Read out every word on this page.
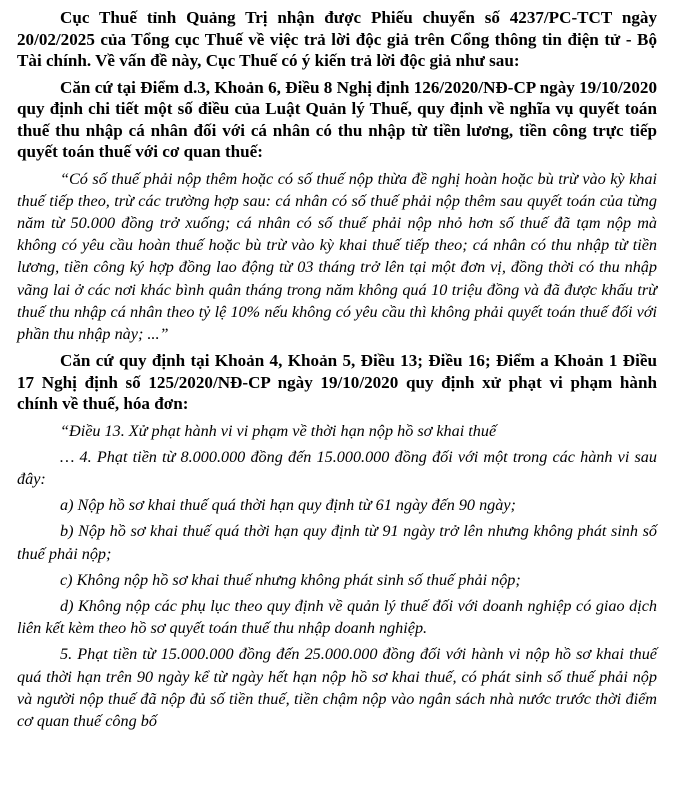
Cục Thuế tỉnh Quảng Trị nhận được Phiếu chuyển số 4237/PC-TCT ngày 20/02/2025 của Tổng cục Thuế về việc trả lời độc giả trên Cổng thông tin điện tử - Bộ Tài chính. Về vấn đề này, Cục Thuế có ý kiến trả lời độc giả như sau:

Căn cứ tại Điểm d.3, Khoản 6, Điều 8 Nghị định 126/2020/NĐ-CP ngày 19/10/2020 quy định chi tiết một số điều của Luật Quản lý Thuế, quy định về nghĩa vụ quyết toán thuế thu nhập cá nhân đối với cá nhân có thu nhập từ tiền lương, tiền công trực tiếp quyết toán thuế với cơ quan thuế:

“Có số thuế phải nộp thêm hoặc có số thuế nộp thừa đề nghị hoàn hoặc bù trừ vào kỳ khai thuế tiếp theo, trừ các trường hợp sau: cá nhân có số thuế phải nộp thêm sau quyết toán của từng năm từ 50.000 đồng trở xuống; cá nhân có số thuế phải nộp nhỏ hơn số thuế đã tạm nộp mà không có yêu cầu hoàn thuế hoặc bù trừ vào kỳ khai thuế tiếp theo; cá nhân có thu nhập từ tiền lương, tiền công ký hợp đồng lao động từ 03 tháng trở lên tại một đơn vị, đồng thời có thu nhập vãng lai ở các nơi khác bình quân tháng trong năm không quá 10 triệu đồng và đã được khấu trừ thuế thu nhập cá nhân theo tỷ lệ 10% nếu không có yêu cầu thì không phải quyết toán thuế đối với phần thu nhập này; ...”

Căn cứ quy định tại Khoản 4, Khoản 5, Điều 13; Điều 16; Điểm a Khoản 1 Điều 17 Nghị định số 125/2020/NĐ-CP ngày 19/10/2020 quy định xử phạt vi phạm hành chính về thuế, hóa đơn:

“Điều 13. Xử phạt hành vi vi phạm về thời hạn nộp hồ sơ khai thuế

… 4. Phạt tiền từ 8.000.000 đồng đến 15.000.000 đồng đối với một trong các hành vi sau đây:

a) Nộp hồ sơ khai thuế quá thời hạn quy định từ 61 ngày đến 90 ngày;

b) Nộp hồ sơ khai thuế quá thời hạn quy định từ 91 ngày trở lên nhưng không phát sinh số thuế phải nộp;

c) Không nộp hồ sơ khai thuế nhưng không phát sinh số thuế phải nộp;

d) Không nộp các phụ lục theo quy định về quản lý thuế đối với doanh nghiệp có giao dịch liên kết kèm theo hồ sơ quyết toán thuế thu nhập doanh nghiệp.

5. Phạt tiền từ 15.000.000 đồng đến 25.000.000 đồng đối với hành vi nộp hồ sơ khai thuế quá thời hạn trên 90 ngày kể từ ngày hết hạn nộp hồ sơ khai thuế, có phát sinh số thuế phải nộp và người nộp thuế đã nộp đủ số tiền thuế, tiền chậm nộp vào ngân sách nhà nước trước thời điểm cơ quan thuế công bố
